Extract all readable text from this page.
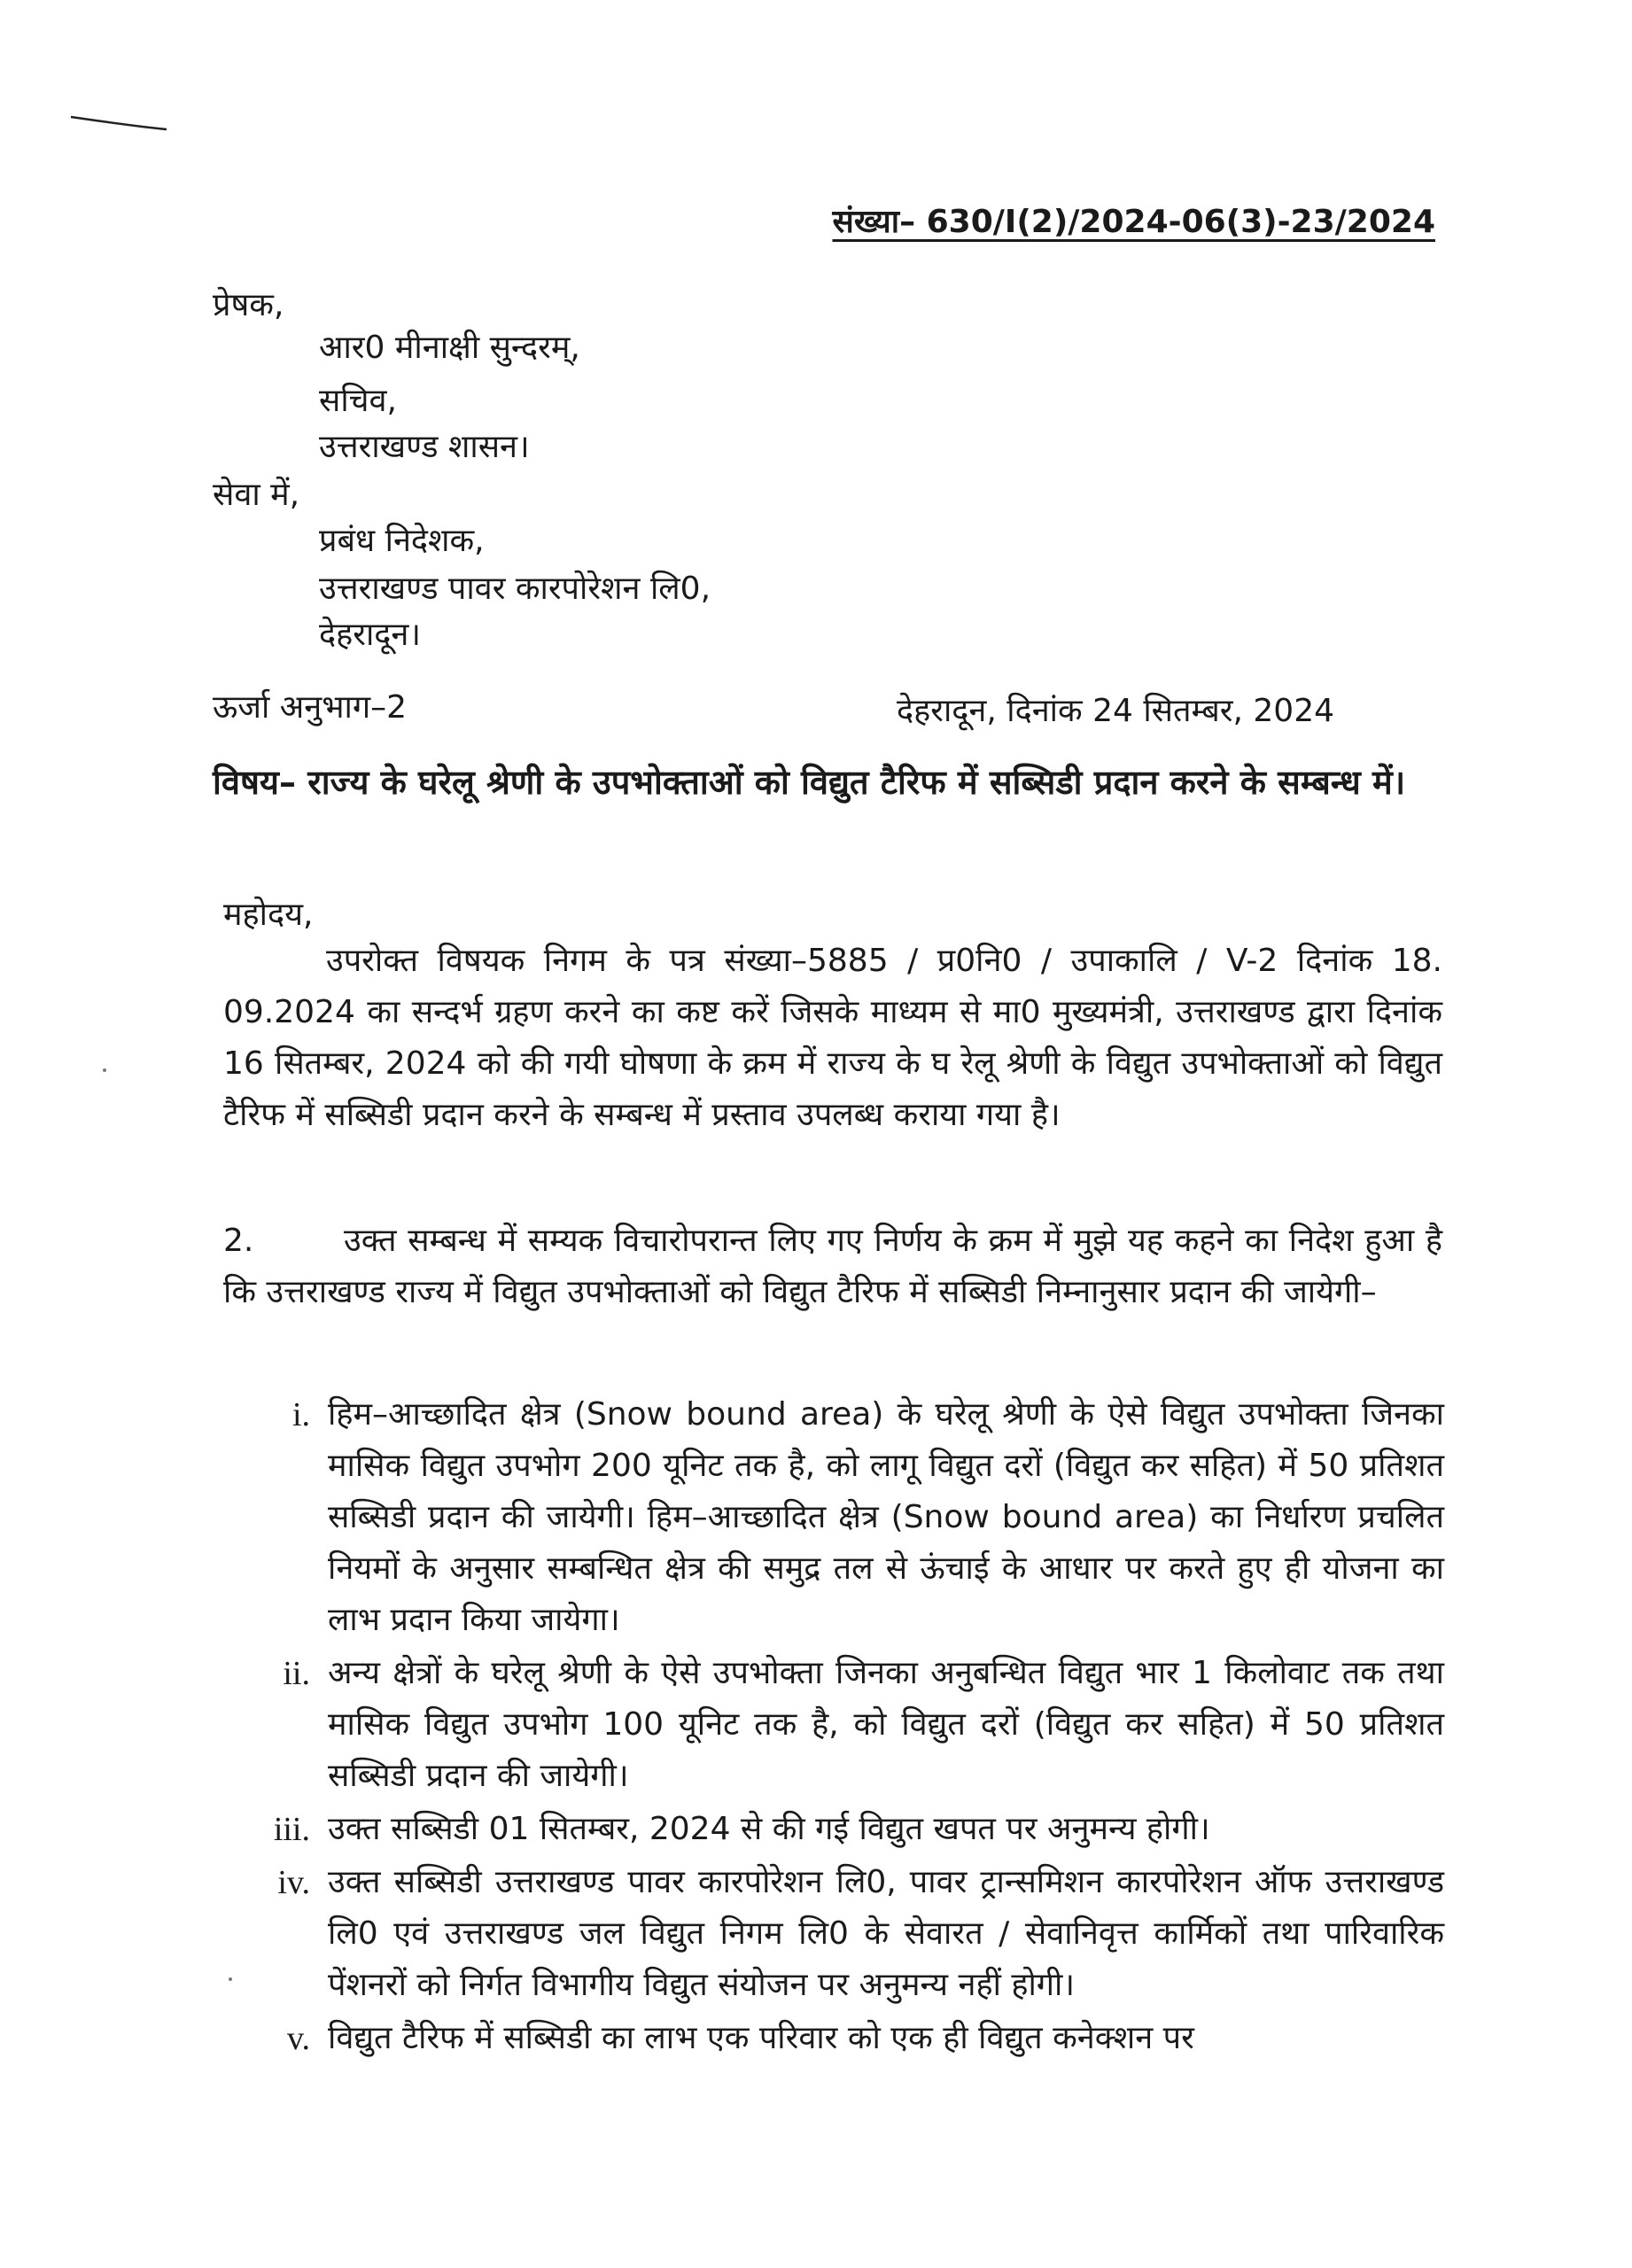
संख्या– 630/I(2)/2024-06(3)-23/2024
प्रेषक,
आर0 मीनाक्षी सुन्दरम्,
सचिव,
उत्तराखण्ड शासन।
सेवा में,
प्रबंध निदेशक,
उत्तराखण्ड पावर कारपोरेशन लि0,
देहरादून।
ऊर्जा अनुभाग–2	देहरादून, दिनांक 24 सितम्बर, 2024
विषय– राज्य के घरेलू श्रेणी के उपभोक्ताओं को विद्युत टैरिफ में सब्सिडी प्रदान करने के सम्बन्ध में।
महोदय,
उपरोक्त विषयक निगम के पत्र संख्या–5885 / प्र0नि0 / उपाकालि / V-2 दिनांक 18. 09.2024 का सन्दर्भ ग्रहण करने का कष्ट करें जिसके माध्यम से मा0 मुख्यमंत्री, उत्तराखण्ड द्वारा दिनांक 16 सितम्बर, 2024 को की गयी घोषणा के क्रम में राज्य के घ रेलू श्रेणी के विद्युत उपभोक्ताओं को विद्युत टैरिफ में सब्सिडी प्रदान करने के सम्बन्ध में प्रस्ताव उपलब्ध कराया गया है।
2.	उक्त सम्बन्ध में सम्यक विचारोपरान्त लिए गए निर्णय के क्रम में मुझे यह कहने का निदेश हुआ है कि उत्तराखण्ड राज्य में विद्युत उपभोक्ताओं को विद्युत टैरिफ में सब्सिडी निम्नानुसार प्रदान की जायेगी–
i. हिम–आच्छादित क्षेत्र (Snow bound area) के घरेलू श्रेणी के ऐसे विद्युत उपभोक्ता जिनका मासिक विद्युत उपभोग 200 यूनिट तक है, को लागू विद्युत दरों (विद्युत कर सहित) में 50 प्रतिशत सब्सिडी प्रदान की जायेगी। हिम–आच्छादित क्षेत्र (Snow bound area) का निर्धारण प्रचलित नियमों के अनुसार सम्बन्धित क्षेत्र की समुद्र तल से ऊंचाई के आधार पर करते हुए ही योजना का लाभ प्रदान किया जायेगा।
ii. अन्य क्षेत्रों के घरेलू श्रेणी के ऐसे उपभोक्ता जिनका अनुबन्धित विद्युत भार 1 किलोवाट तक तथा मासिक विद्युत उपभोग 100 यूनिट तक है, को विद्युत दरों (विद्युत कर सहित) में 50 प्रतिशत सब्सिडी प्रदान की जायेगी।
iii. उक्त सब्सिडी 01 सितम्बर, 2024 से की गई विद्युत खपत पर अनुमन्य होगी।
iv. उक्त सब्सिडी उत्तराखण्ड पावर कारपोरेशन लि0, पावर ट्रान्समिशन कारपोरेशन ऑफ उत्तराखण्ड लि0 एवं उत्तराखण्ड जल विद्युत निगम लि0 के सेवारत / सेवानिवृत्त कार्मिकों तथा पारिवारिक पेंशनरों को निर्गत विभागीय विद्युत संयोजन पर अनुमन्य नहीं होगी।
v. विद्युत टैरिफ में सब्सिडी का लाभ एक परिवार को एक ही विद्युत कनेक्शन पर
